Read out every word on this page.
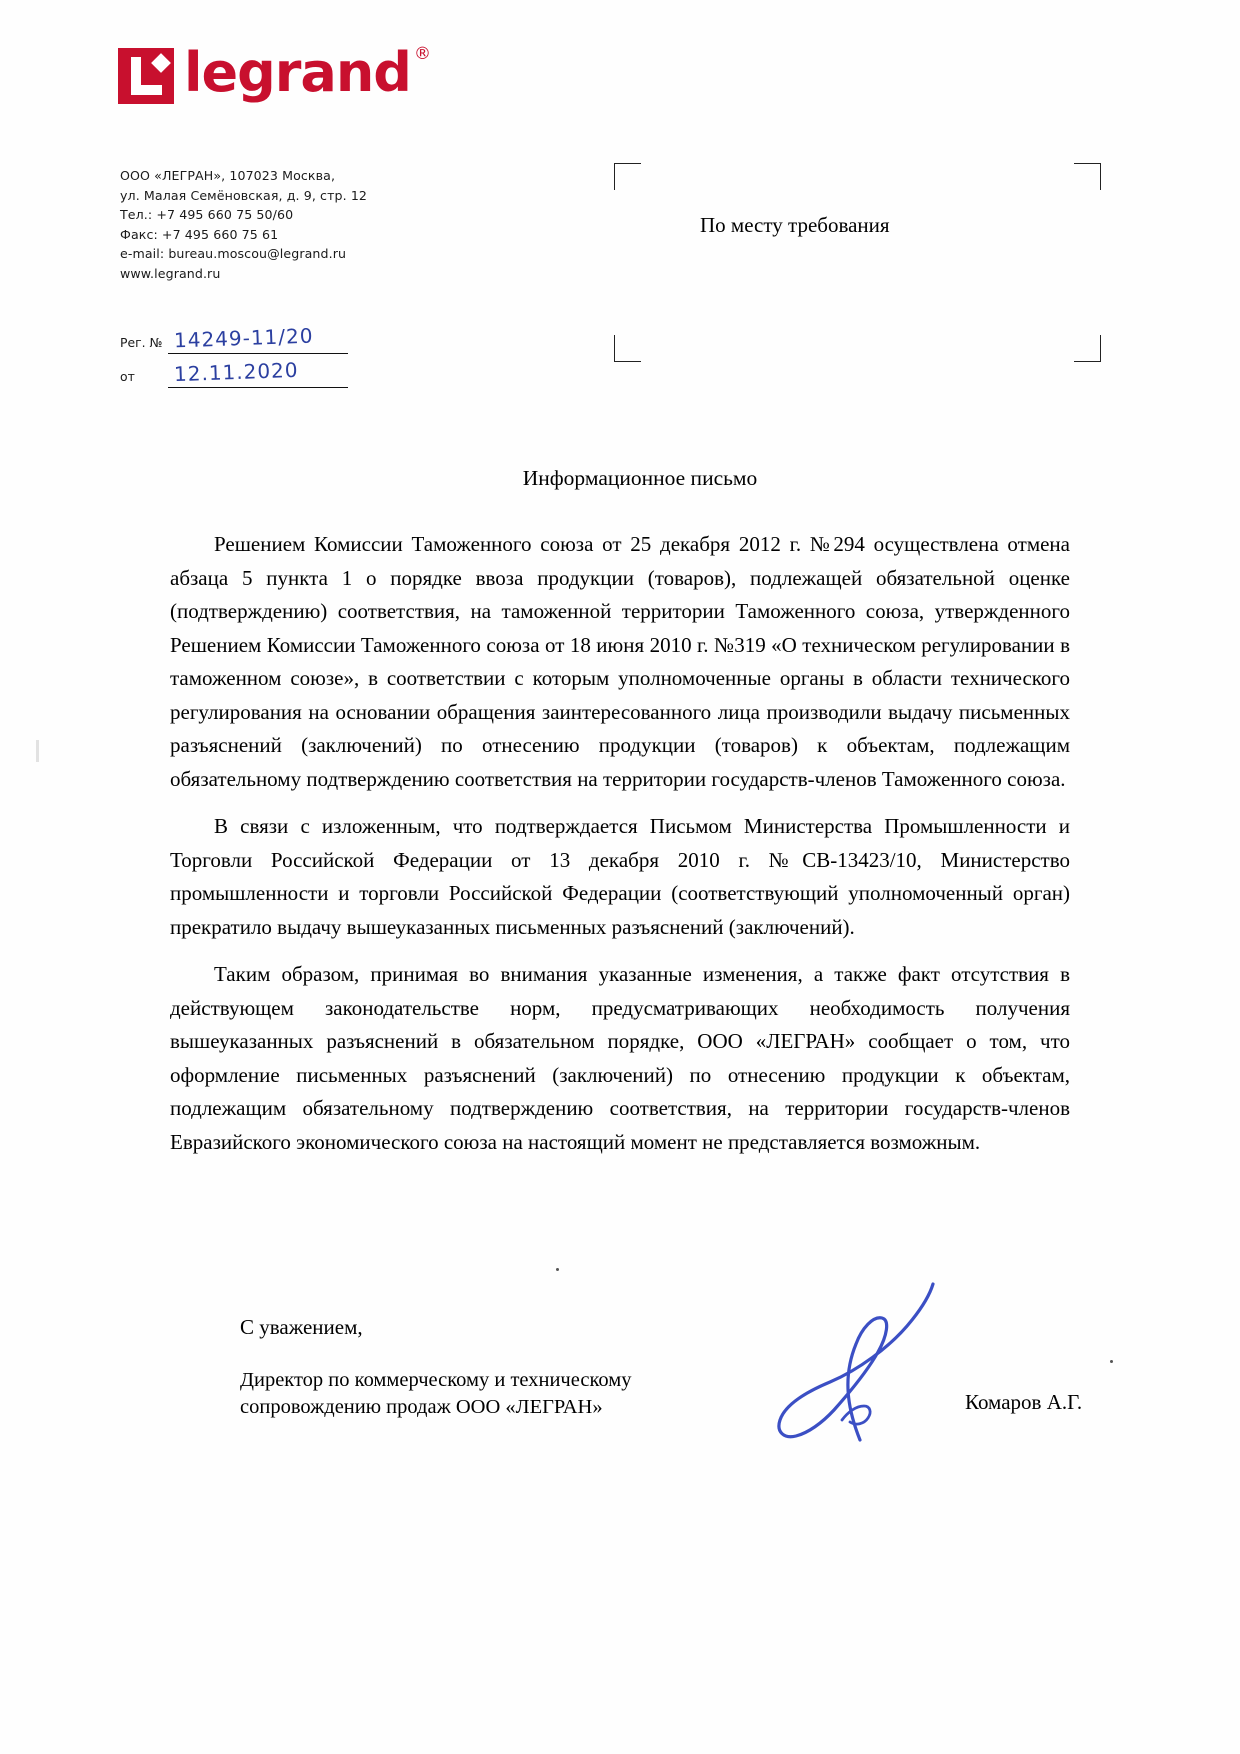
legrand ®
ООО «ЛЕГРАН», 107023 Москва,
ул. Малая Семёновская, д. 9, стр. 12
Тел.: +7 495 660 75 50/60
Факс: +7 495 660 75 61
e-mail: bureau.moscou@legrand.ru
www.legrand.ru
Рег. № 14249-11/20
от	12.11.2020
По месту требования
Информационное письмо

Решением Комиссии Таможенного союза от 25 декабря 2012 г. №294 осуществлена отмена абзаца 5 пункта 1 о порядке ввоза продукции (товаров), подлежащей обязательной оценке (подтверждению) соответствия, на таможенной территории Таможенного союза, утвержденного Решением Комиссии Таможенного союза от 18 июня 2010 г. №319 «О техническом регулировании в таможенном союзе», в соответствии с которым уполномоченные органы в области технического регулирования на основании обращения заинтересованного лица производили выдачу письменных разъяснений (заключений) по отнесению продукции (товаров) к объектам, подлежащим обязательному подтверждению соответствия на территории государств-членов Таможенного союза.

В связи с изложенным, что подтверждается Письмом Министерства Промышленности и Торговли Российской Федерации от 13 декабря 2010 г. №СВ-13423/10, Министерство промышленности и торговли Российской Федерации (соответствующий уполномоченный орган) прекратило выдачу вышеуказанных письменных разъяснений (заключений).

Таким образом, принимая во внимания указанные изменения, а также факт отсутствия в действующем законодательстве норм, предусматривающих необходимость получения вышеуказанных разъяснений в обязательном порядке, ООО «ЛЕГРАН» сообщает о том, что оформление письменных разъяснений (заключений) по отнесению продукции к объектам, подлежащим обязательному подтверждению соответствия, на территории государств-членов Евразийского экономического союза на настоящий момент не представляется возможным.

С уважением,
Директор по коммерческому и техническому сопровождению продаж ООО «ЛЕГРАН»	Комаров А.Г.
